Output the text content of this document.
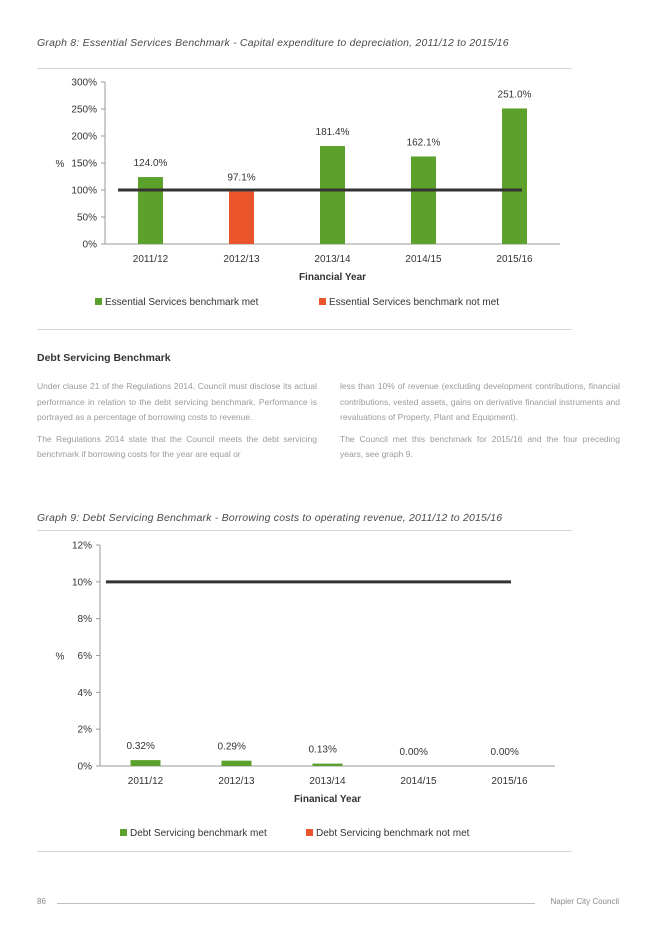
Graph 8: Essential Services Benchmark - Capital expenditure to depreciation, 2011/12 to 2015/16
0%
50%
100%
150%
200%
250%
300%
%
2011/12
124.0%
2012/13
97.1%
2013/14
181.4%
2014/15
162.1%
2015/16
251.0%
Financial Year
Essential Services benchmark met	Essential Services benchmark not met
Debt Servicing Benchmark

Under clause 21 of the Regulations 2014, Council must disclose its actual performance in relation to the debt servicing benchmark. Performance is portrayed as a percentage of borrowing costs to revenue.

The Regulations 2014 state that the Council meets the debt servicing benchmark if borrowing costs for the year are equal or

less than 10% of revenue (excluding development contributions, financial contributions, vested assets, gains on derivative financial instruments and revaluations of Property, Plant and Equipment).

The Council met this benchmark for 2015/16 and the four preceding years, see graph 9.

Graph 9: Debt Servicing Benchmark - Borrowing costs to operating revenue, 2011/12 to 2015/16
0%
2%
4%
6%
8%
10%
12%
%
2011/12
0.32%
2012/13
0.29%
2013/14
0.13%
2014/15
0.00%
2015/16
0.00%
Finanical Year
Debt Servicing benchmark met	Debt Servicing benchmark not met
86	Napier City Council
